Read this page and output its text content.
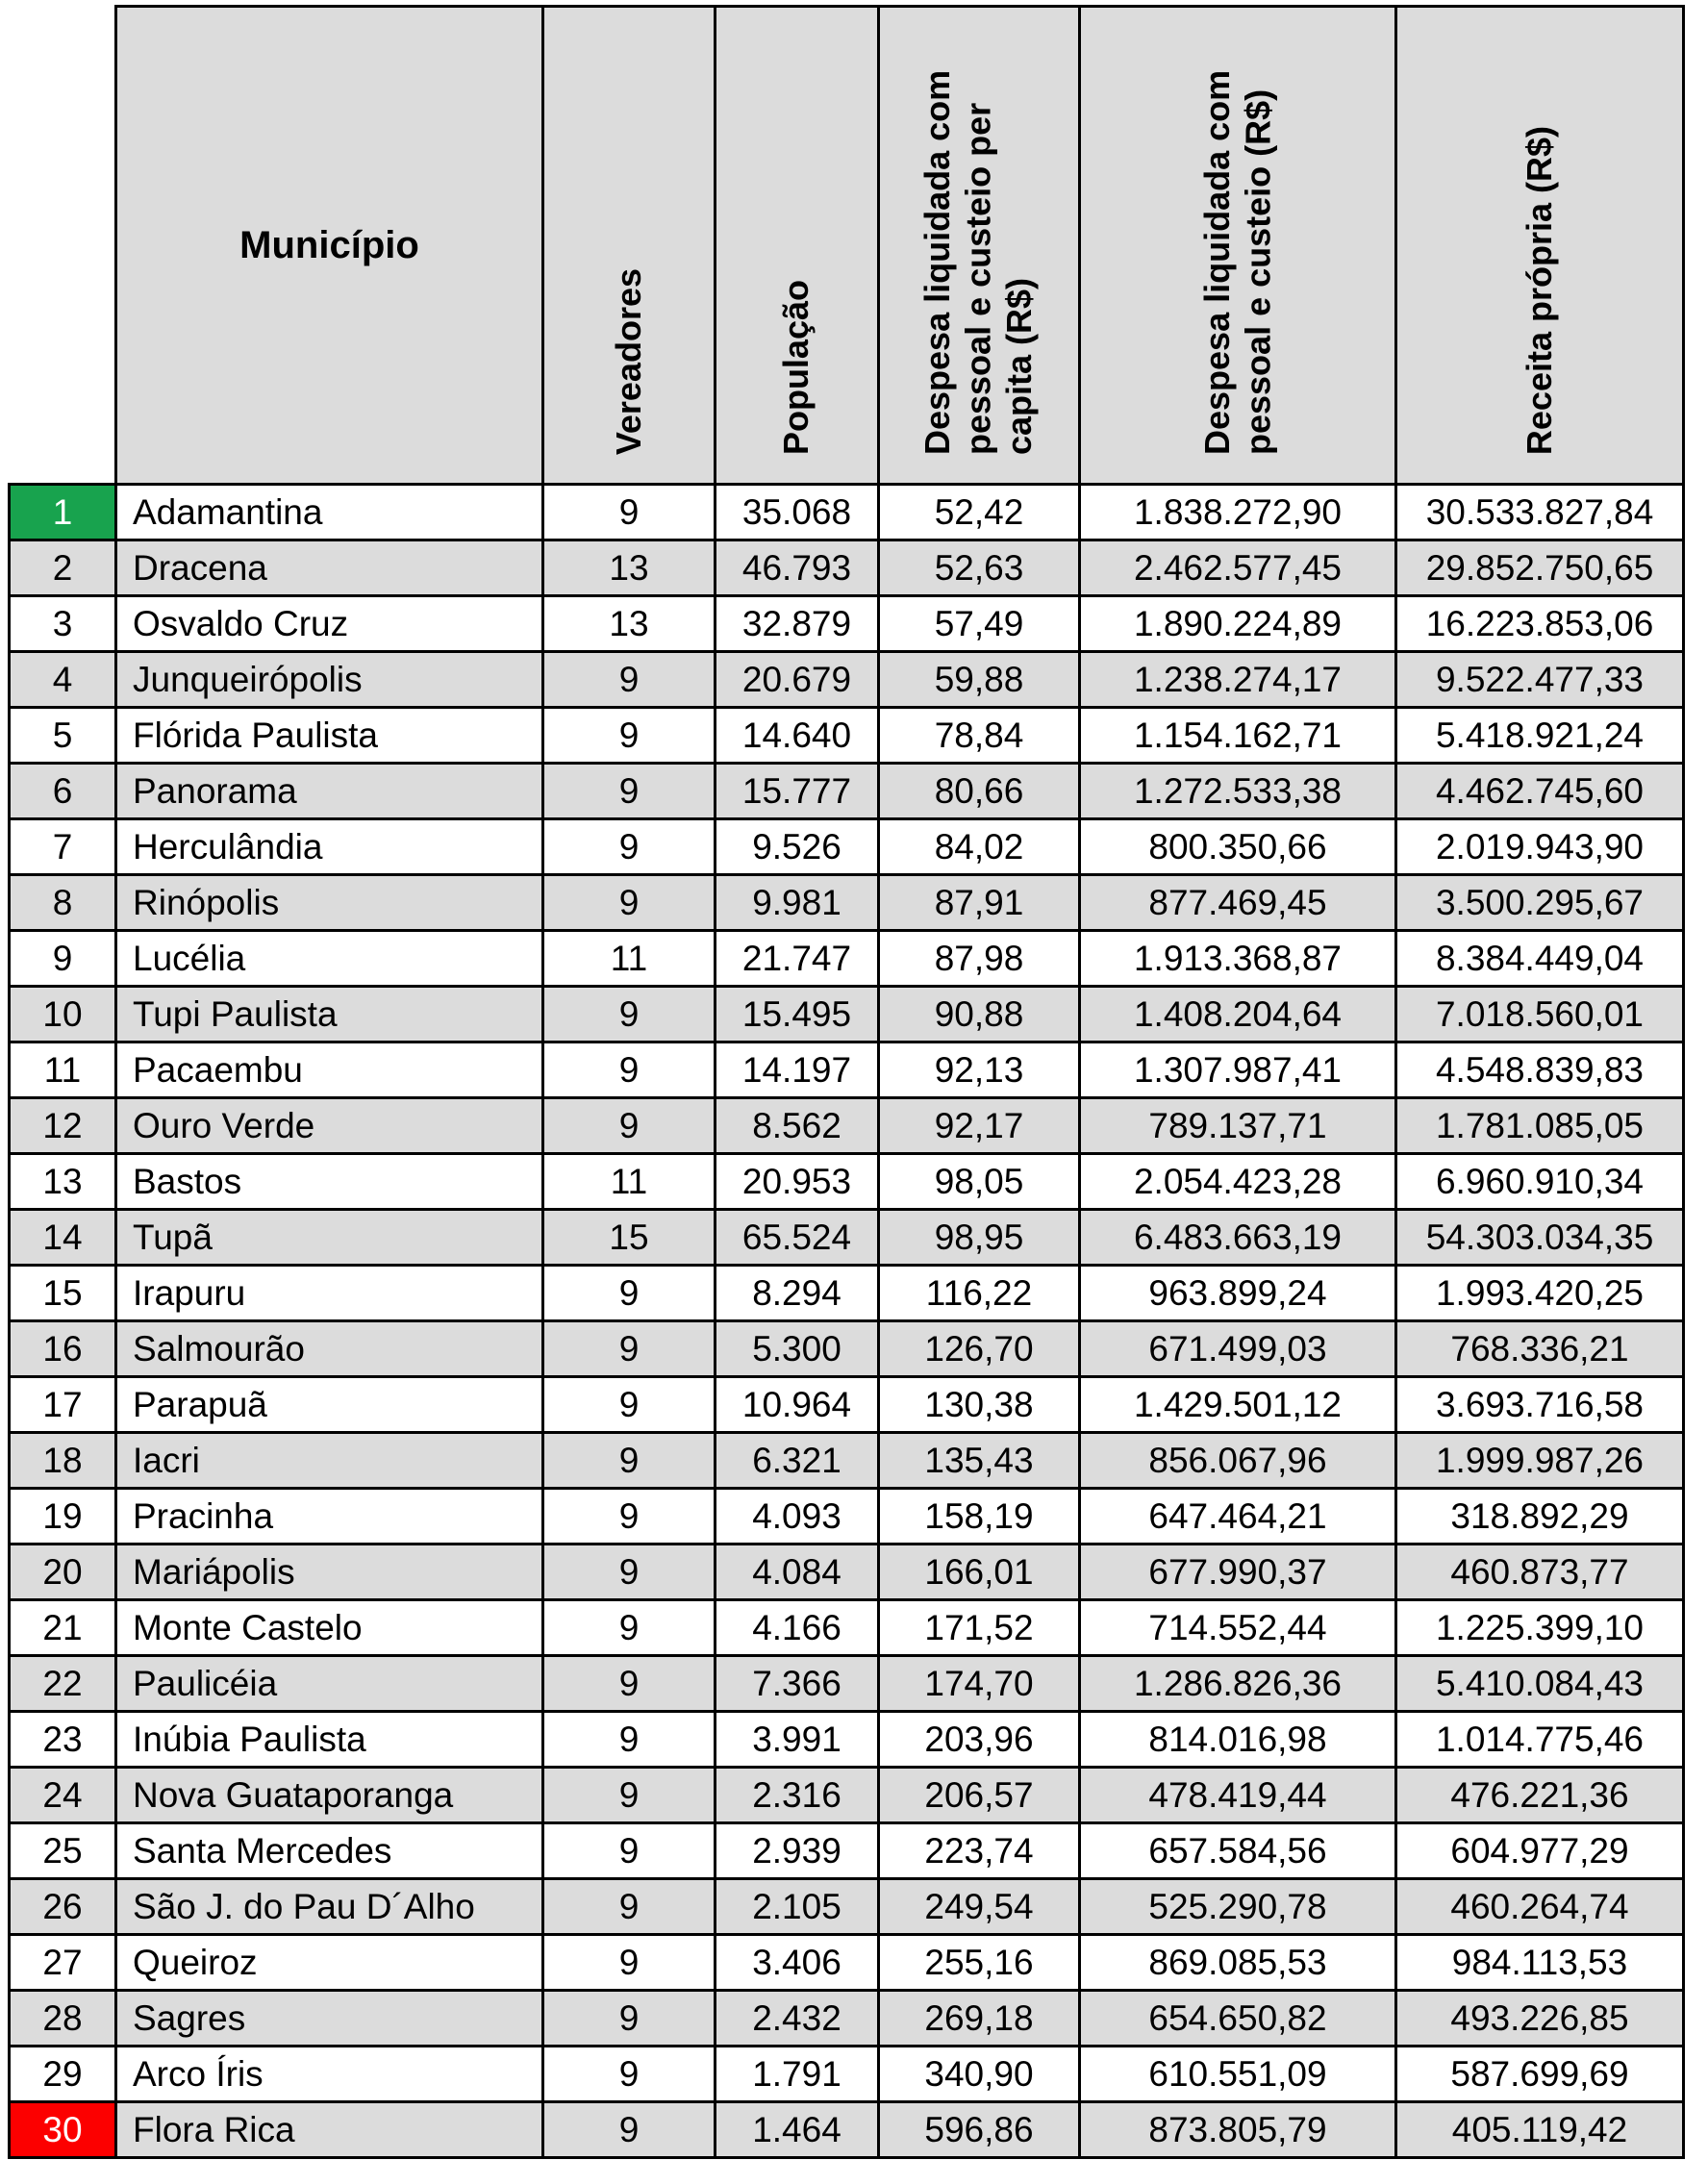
	Município	Vereadores	População	Despesa liquidada com pessoal e custeio per capita (R$)	Despesa liquidada com pessoal e custeio (R$)	Receita própria (R$)
1	Adamantina	9	35.068	52,42	1.838.272,90	30.533.827,84
2	Dracena	13	46.793	52,63	2.462.577,45	29.852.750,65
3	Osvaldo Cruz	13	32.879	57,49	1.890.224,89	16.223.853,06
4	Junqueirópolis	9	20.679	59,88	1.238.274,17	9.522.477,33
5	Flórida Paulista	9	14.640	78,84	1.154.162,71	5.418.921,24
6	Panorama	9	15.777	80,66	1.272.533,38	4.462.745,60
7	Herculândia	9	9.526	84,02	800.350,66	2.019.943,90
8	Rinópolis	9	9.981	87,91	877.469,45	3.500.295,67
9	Lucélia	11	21.747	87,98	1.913.368,87	8.384.449,04
10	Tupi Paulista	9	15.495	90,88	1.408.204,64	7.018.560,01
11	Pacaembu	9	14.197	92,13	1.307.987,41	4.548.839,83
12	Ouro Verde	9	8.562	92,17	789.137,71	1.781.085,05
13	Bastos	11	20.953	98,05	2.054.423,28	6.960.910,34
14	Tupã	15	65.524	98,95	6.483.663,19	54.303.034,35
15	Irapuru	9	8.294	116,22	963.899,24	1.993.420,25
16	Salmourão	9	5.300	126,70	671.499,03	768.336,21
17	Parapuã	9	10.964	130,38	1.429.501,12	3.693.716,58
18	Iacri	9	6.321	135,43	856.067,96	1.999.987,26
19	Pracinha	9	4.093	158,19	647.464,21	318.892,29
20	Mariápolis	9	4.084	166,01	677.990,37	460.873,77
21	Monte Castelo	9	4.166	171,52	714.552,44	1.225.399,10
22	Paulicéia	9	7.366	174,70	1.286.826,36	5.410.084,43
23	Inúbia Paulista	9	3.991	203,96	814.016,98	1.014.775,46
24	Nova Guataporanga	9	2.316	206,57	478.419,44	476.221,36
25	Santa Mercedes	9	2.939	223,74	657.584,56	604.977,29
26	São J. do Pau D´Alho	9	2.105	249,54	525.290,78	460.264,74
27	Queiroz	9	3.406	255,16	869.085,53	984.113,53
28	Sagres	9	2.432	269,18	654.650,82	493.226,85
29	Arco Íris	9	1.791	340,90	610.551,09	587.699,69
30	Flora Rica	9	1.464	596,86	873.805,79	405.119,42
